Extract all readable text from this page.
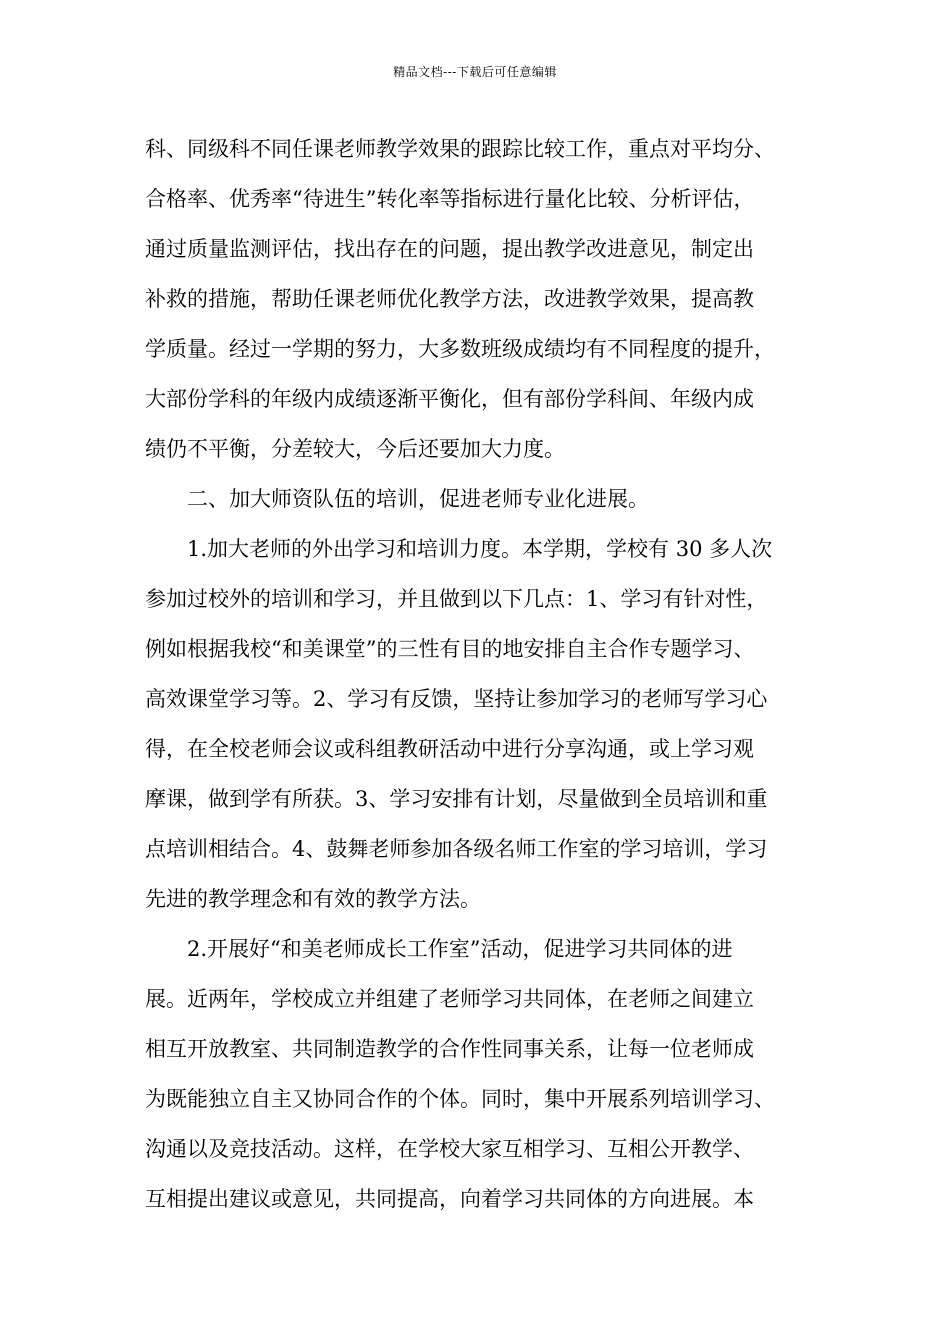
精品文档---下载后可任意编辑
科、同级科不同任课老师教学效果的跟踪比较工作，重点对平均分、
合格率、优秀率“待进生”转化率等指标进行量化比较、分析评估，
通过质量监测评估，找出存在的问题，提出教学改进意见，制定出
补救的措施，帮助任课老师优化教学方法，改进教学效果，提高教
学质量。经过一学期的努力，大多数班级成绩均有不同程度的提升，
大部份学科的年级内成绩逐渐平衡化，但有部份学科间、年级内成
绩仍不平衡，分差较大，今后还要加大力度。
　　二、加大师资队伍的培训，促进老师专业化进展。
　　1.加大老师的外出学习和培训力度。本学期，学校有 30 多人次
参加过校外的培训和学习，并且做到以下几点：1、学习有针对性，
例如根据我校“和美课堂”的三性有目的地安排自主合作专题学习、
高效课堂学习等。2、学习有反馈，坚持让参加学习的老师写学习心
得，在全校老师会议或科组教研活动中进行分享沟通，或上学习观
摩课，做到学有所获。3、学习安排有计划，尽量做到全员培训和重
点培训相结合。4、鼓舞老师参加各级名师工作室的学习培训，学习
先进的教学理念和有效的教学方法。
　　2.开展好“和美老师成长工作室”活动，促进学习共同体的进
展。近两年，学校成立并组建了老师学习共同体，在老师之间建立
相互开放教室、共同制造教学的合作性同事关系，让每一位老师成
为既能独立自主又协同合作的个体。同时，集中开展系列培训学习、
沟通以及竞技活动。这样，在学校大家互相学习、互相公开教学、
互相提出建议或意见，共同提高，向着学习共同体的方向进展。本
